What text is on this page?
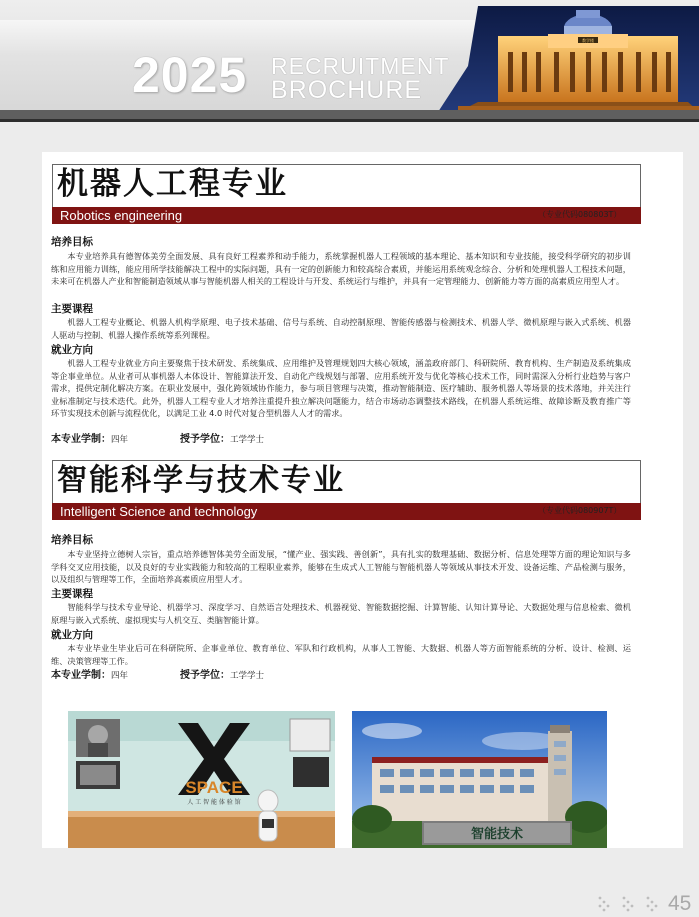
2025 RECRUITMENT
BROCHURE
教学楼
机器人工程专业
Robotics engineering	（专业代码080803T）
培养目标
本专业培养具有德智体美劳全面发展、具有良好工程素养和动手能力，系统掌握机器人工程领域的基本理论、基本知识和专业技能，接受科学研究的初步训练和应用能力训练，能应用所学技能解决工程中的实际问题，具有一定的创新能力和较高综合素质，并能运用系统观念综合、分析和处理机器人工程技术问题，未来可在机器人产业和智能制造领域从事与智能机器人相关的工程设计与开发、系统运行与维护，并具有一定管理能力、创新能力等方面的高素质应用型人才。
主要课程
机器人工程专业概论、机器人机构学原理、电子技术基础、信号与系统、自动控制原理、智能传感器与检测技术、机器人学、微机原理与嵌入式系统、机器人驱动与控制、机器人操作系统等系列课程。
就业方向
机器人工程专业就业方向主要聚焦于技术研发、系统集成、应用维护及管理规划四大核心领域，涵盖政府部门、科研院所、教育机构、生产制造及系统集成等企事业单位。从业者可从事机器人本体设计、智能算法开发、自动化产线规划与部署、应用系统开发与优化等核心技术工作，同时需深入分析行业趋势与客户需求，提供定制化解决方案。在职业发展中，强化跨领域协作能力，参与项目管理与决策，推动智能制造、医疗辅助、服务机器人等场景的技术落地，并关注行业标准制定与技术迭代。此外，机器人工程专业人才培养注重提升独立解决问题能力，结合市场动态调整技术路线，在机器人系统运维、故障诊断及教育推广等环节实现技术创新与流程优化，以满足工业 4.0 时代对复合型机器人人才的需求。
本专业学制：四年	授予学位：工学学士
智能科学与技术专业
Intelligent Science and technology	（专业代码080907T）
培养目标
本专业坚持立德树人宗旨，重点培养德智体美劳全面发展，“懂产业、强实践、善创新”，具有扎实的数理基础、数据分析、信息处理等方面的理论知识与多学科交叉应用技能，以及良好的专业实践能力和较高的工程职业素养，能够在生成式人工智能与智能机器人等领域从事技术开发、设备运维、产品检测与服务，以及组织与管理等工作，全面培养高素质应用型人才。
主要课程
智能科学与技术专业导论、机器学习、深度学习、自然语言处理技术、机器视觉、智能数据挖掘、计算智能、认知计算导论、大数据处理与信息检索、微机原理与嵌入式系统、虚拟现实与人机交互、类脑智能计算。
就业方向
本专业毕业生毕业后可在科研院所、企事业单位、教育单位、军队和行政机构，从事人工智能、大数据、机器人等方面智能系统的分析、设计、检测、运维、决策管理等工作。
本专业学制：四年	授予学位：工学学士
SPACE
人 工 智 能 体 验 馆
智能技术
45
